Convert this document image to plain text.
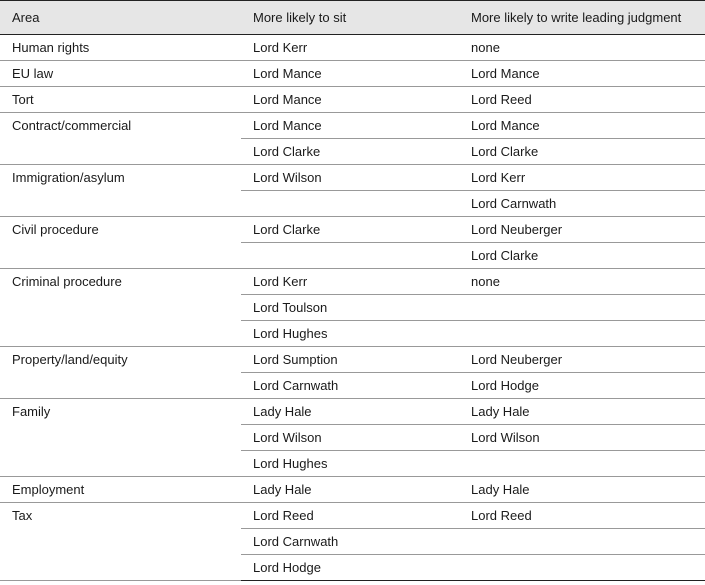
Area	More likely to sit	More likely to write leading judgment
Human rights	Lord Kerr	none
EU law	Lord Mance	Lord Mance
Tort	Lord Mance	Lord Reed
Contract/commercial	Lord Mance	Lord Mance
	Lord Clarke	Lord Clarke
Immigration/asylum	Lord Wilson	Lord Kerr
		Lord Carnwath
Civil procedure	Lord Clarke	Lord Neuberger
		Lord Clarke
Criminal procedure	Lord Kerr	none
	Lord Toulson	
	Lord Hughes	
Property/land/equity	Lord Sumption	Lord Neuberger
	Lord Carnwath	Lord Hodge
Family	Lady Hale	Lady Hale
	Lord Wilson	Lord Wilson
	Lord Hughes	
Employment	Lady Hale	Lady Hale
Tax	Lord Reed	Lord Reed
	Lord Carnwath	
	Lord Hodge	
